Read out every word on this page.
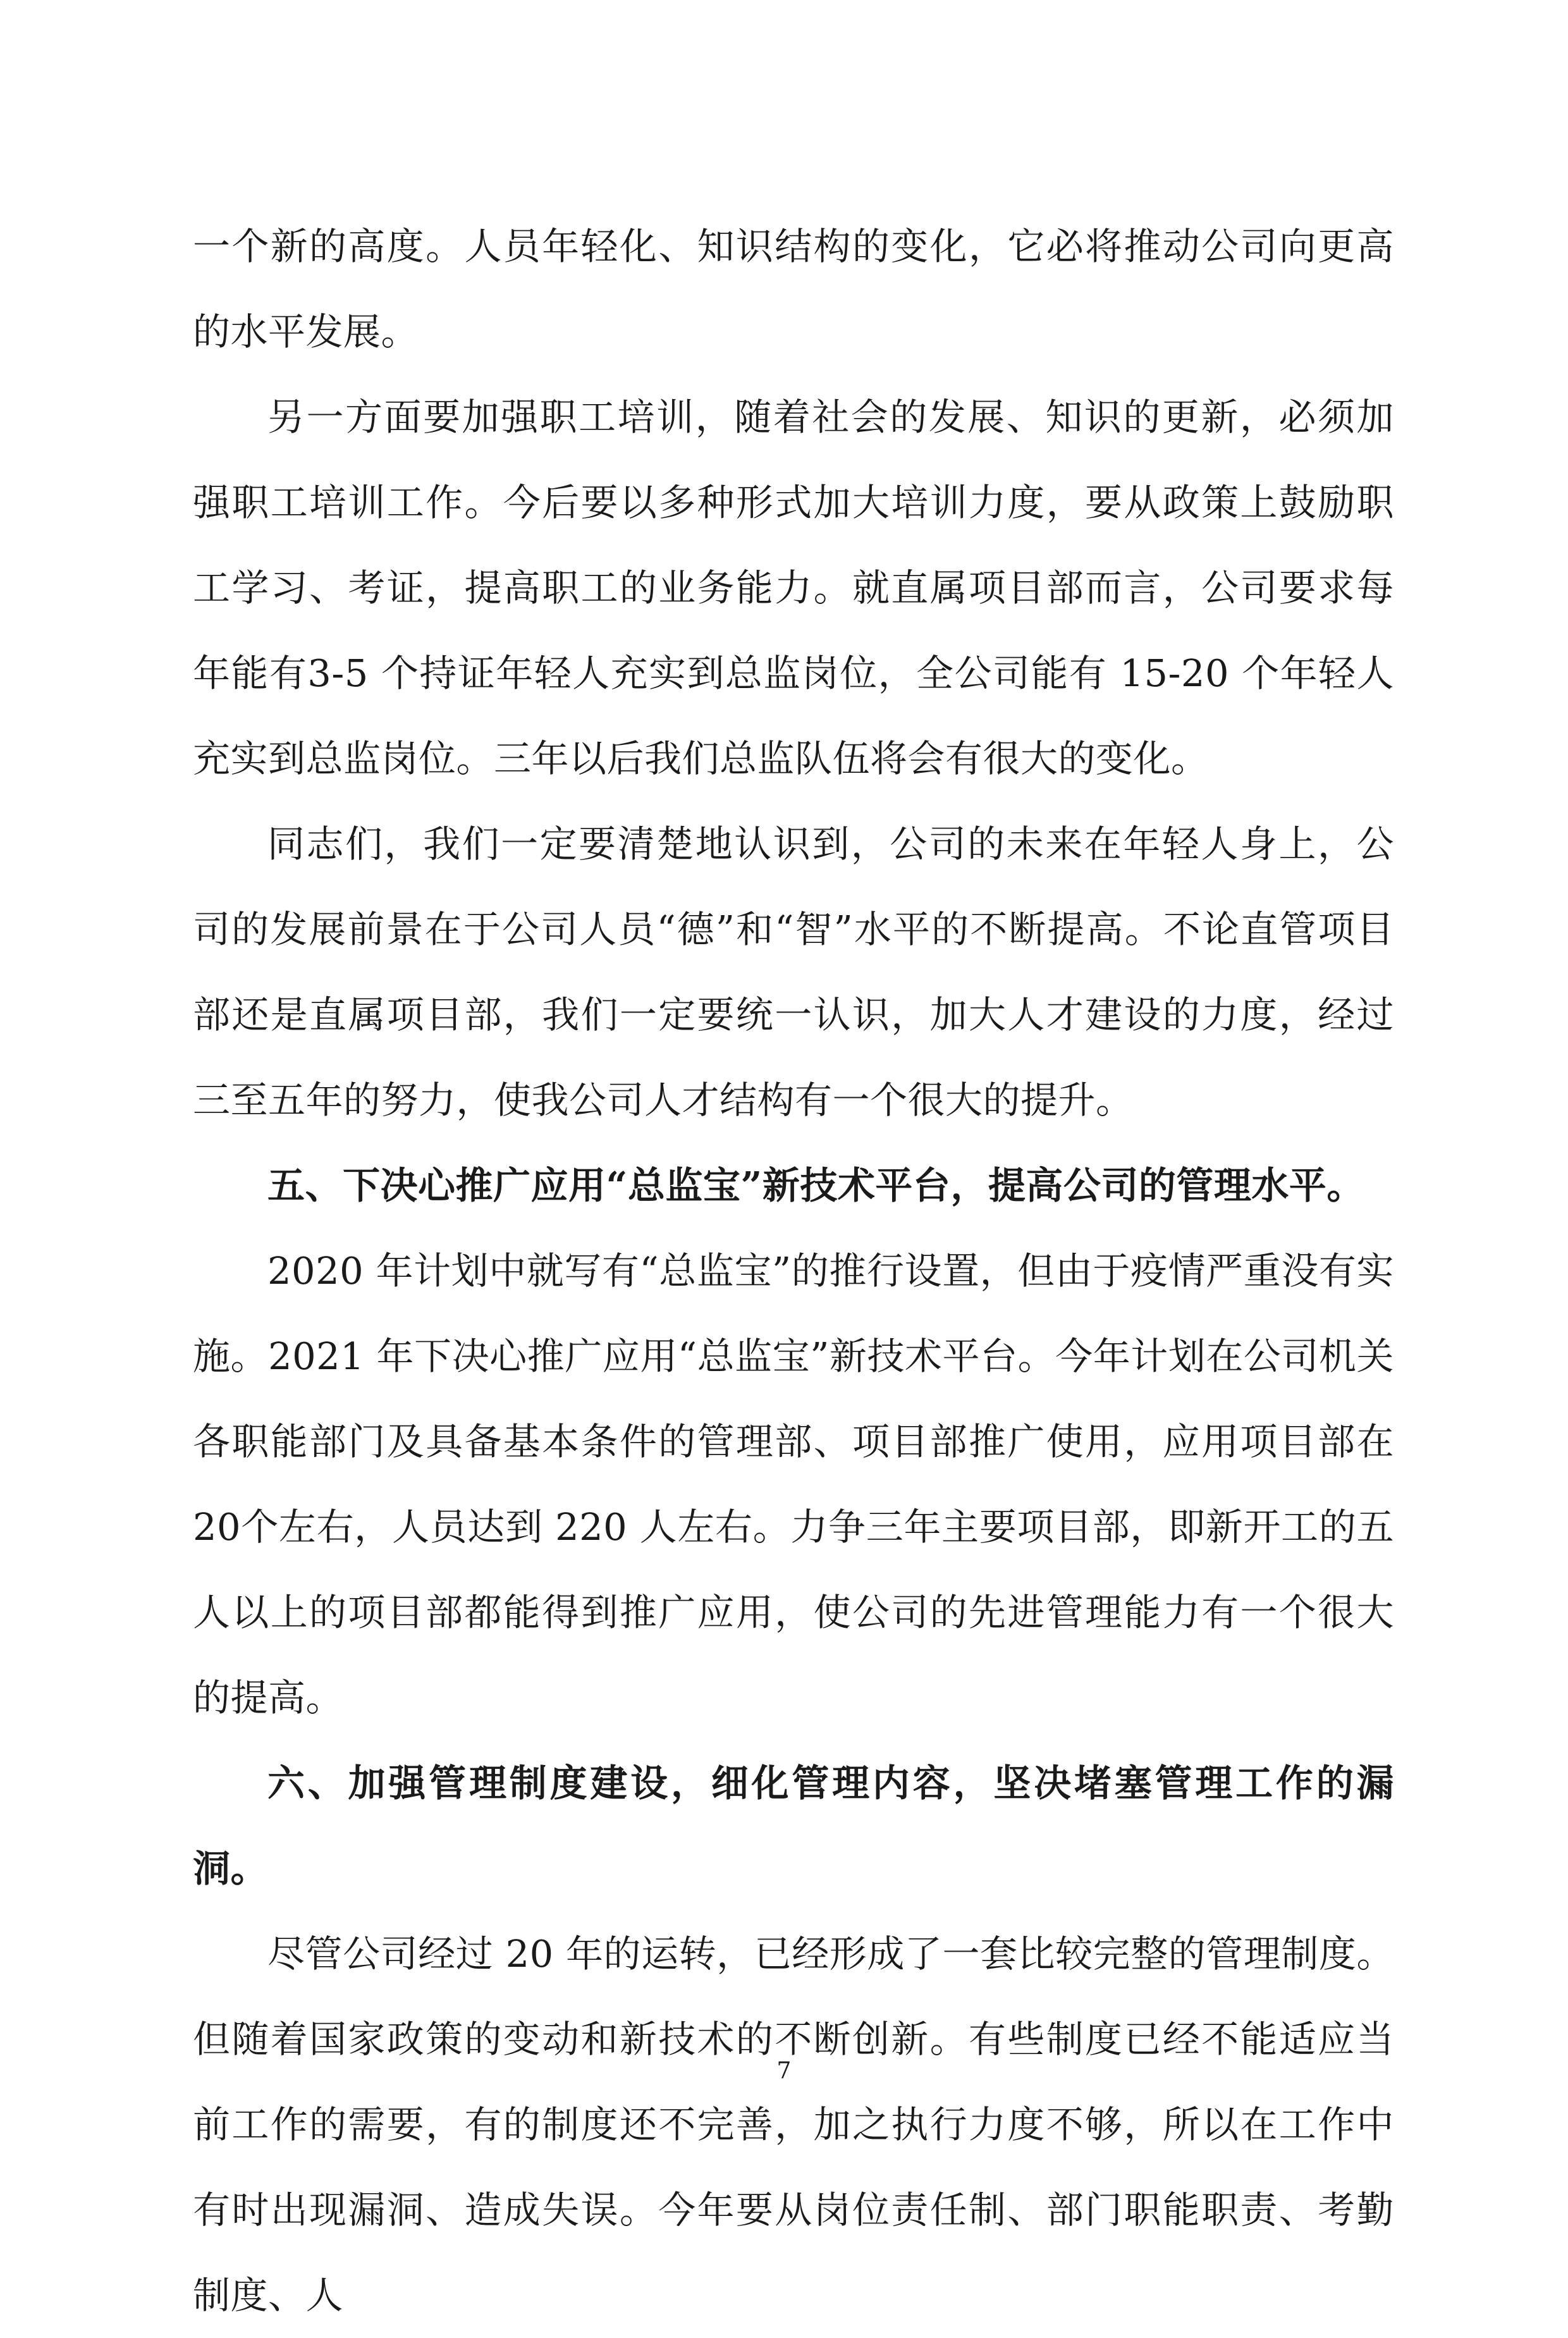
一个新的高度。人员年轻化、知识结构的变化，它必将推动公司向更高的水平发展。

另一方面要加强职工培训，随着社会的发展、知识的更新，必须加强职工培训工作。今后要以多种形式加大培训力度，要从政策上鼓励职工学习、考证，提高职工的业务能力。就直属项目部而言，公司要求每年能有3-5 个持证年轻人充实到总监岗位，全公司能有 15-20 个年轻人充实到总监岗位。三年以后我们总监队伍将会有很大的变化。

同志们，我们一定要清楚地认识到，公司的未来在年轻人身上，公司的发展前景在于公司人员“德”和“智”水平的不断提高。不论直管项目部还是直属项目部，我们一定要统一认识，加大人才建设的力度，经过三至五年的努力，使我公司人才结构有一个很大的提升。

五、下决心推广应用“总监宝”新技术平台，提高公司的管理水平。

2020 年计划中就写有“总监宝”的推行设置，但由于疫情严重没有实施。2021 年下决心推广应用“总监宝”新技术平台。今年计划在公司机关各职能部门及具备基本条件的管理部、项目部推广使用，应用项目部在 20个左右，人员达到 220 人左右。力争三年主要项目部，即新开工的五人以上的项目部都能得到推广应用，使公司的先进管理能力有一个很大的提高。

六、加强管理制度建设，细化管理内容，坚决堵塞管理工作的漏洞。

尽管公司经过 20 年的运转，已经形成了一套比较完整的管理制度。但随着国家政策的变动和新技术的不断创新。有些制度已经不能适应当前工作的需要，有的制度还不完善，加之执行力度不够，所以在工作中有时出现漏洞、造成失误。今年要从岗位责任制、部门职能职责、考勤制度、人

7
